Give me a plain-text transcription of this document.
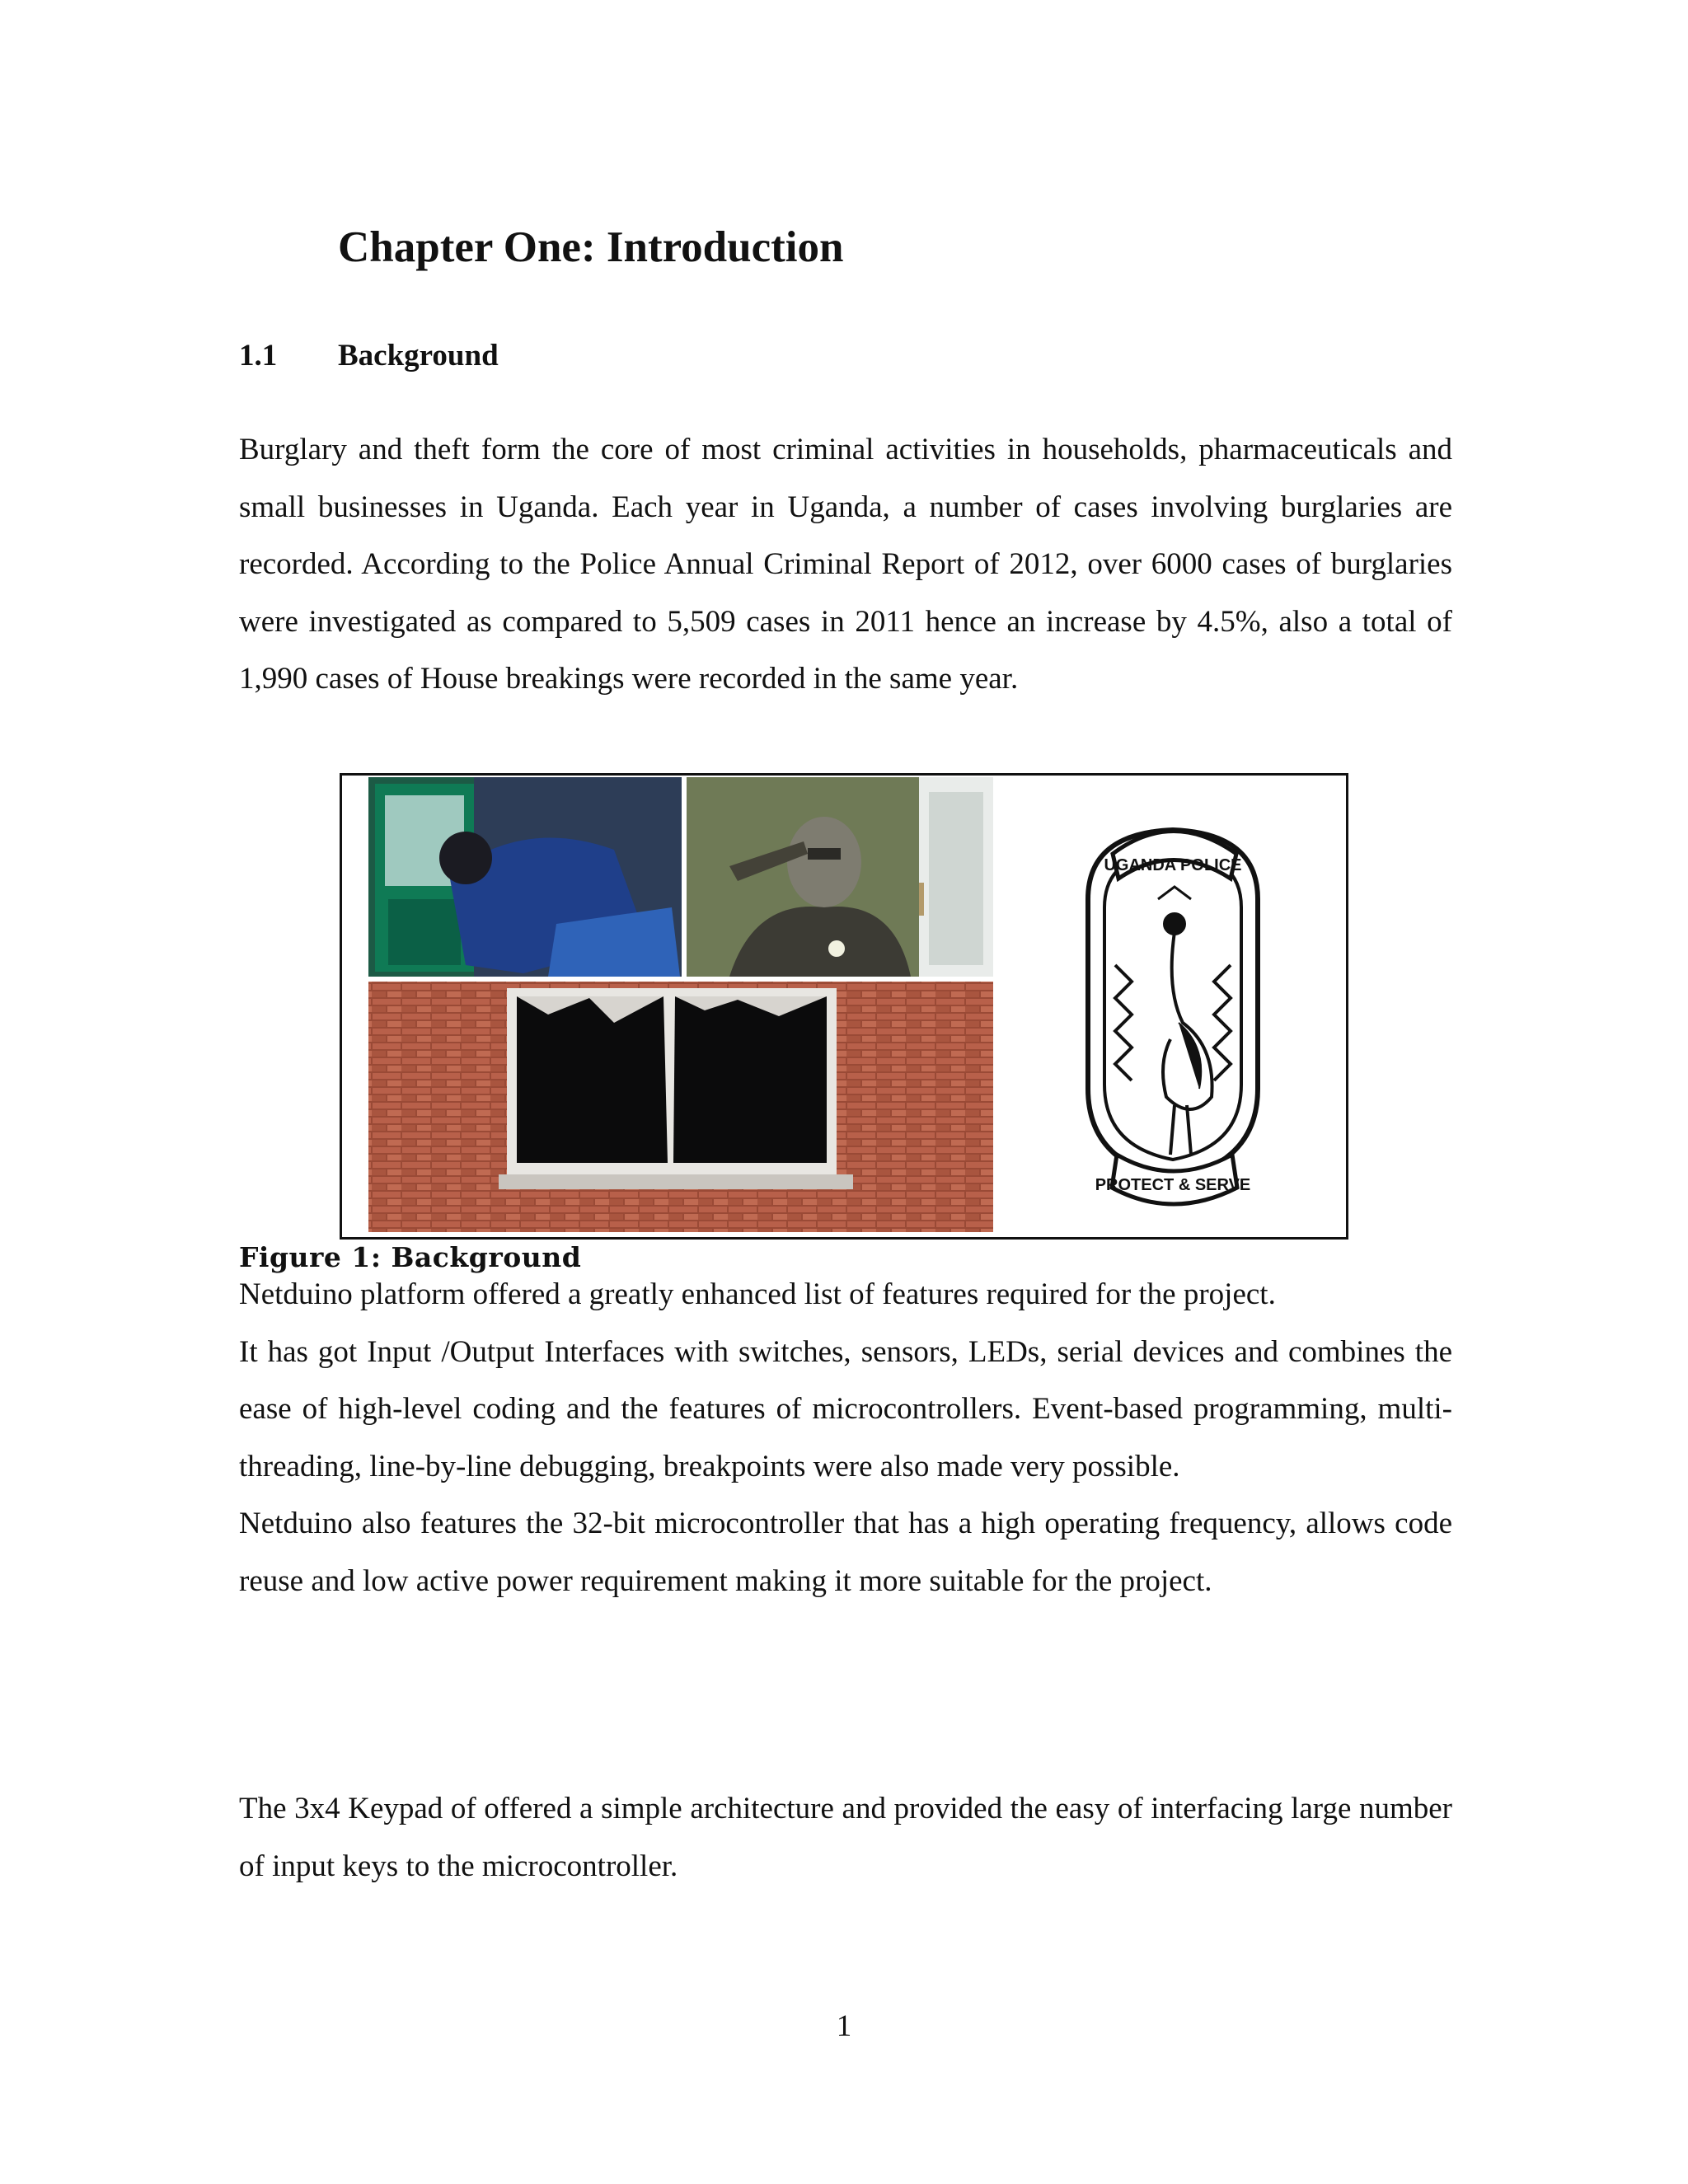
Chapter One: Introduction
1.1 Background
Burglary and theft form the core of most criminal activities in households, pharmaceuticals and small businesses in Uganda. Each year in Uganda, a number of cases involving burglaries are recorded. According to the Police Annual Criminal Report of 2012, over 6000 cases of burglaries were investigated as compared to 5,509 cases in 2011 hence an increase by 4.5%, also a total of 1,990 cases of House breakings were recorded in the same year.
UGANDA POLICE
PROTECT & SERVE
Figure 1: Background
Netduino platform offered a greatly enhanced list of features required for the project.
It has got Input /Output Interfaces with switches, sensors, LEDs, serial devices and combines the ease of high-level coding and the features of microcontrollers. Event-based programming, multi-threading, line-by-line debugging, breakpoints were also made very possible.
Netduino also features the 32-bit microcontroller that has a high operating frequency, allows code reuse and low active power requirement making it more suitable for the project.
The 3x4 Keypad of offered a simple architecture and provided the easy of interfacing large number of input keys to the microcontroller.
1
